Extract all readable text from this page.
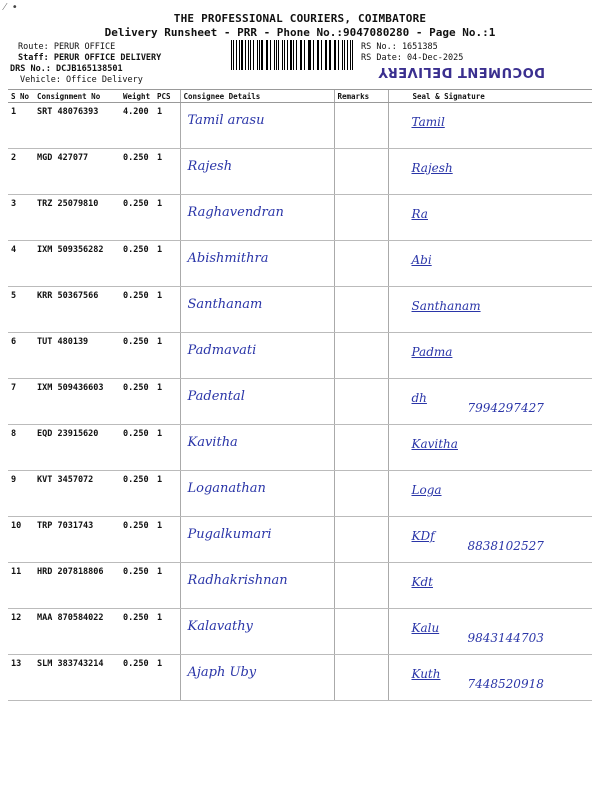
⁄ •
THE PROFESSIONAL COURIERS, COIMBATORE
Delivery Runsheet - PRR - Phone No.:9047080280 - Page No.:1
Route: PERUR OFFICE
Staff: PERUR OFFICE DELIVERY
DRS No.: DCJB165138501
Vehicle: Office Delivery
RS No.: 1651385
RS Date: 04-Dec-2025
DOCUMENT DELIVERY
S No	Consignment No	Weight	PCS	Consignee Details	Remarks	Seal & Signature
1	SRT 48076393	4.200	1	Tamil arasu		Tamil

2	MGD 427077	0.250	1	Rajesh		Rajesh

3	TRZ 25079810	0.250	1	Raghavendran		Ra

4	IXM 509356282	0.250	1	Abishmithra		Abi

5	KRR 50367566	0.250	1	Santhanam		Santhanam

6	TUT 480139	0.250	1	Padmavati		Padma

7	IXM 509436603	0.250	1	Padental		dh
7994297427

8	EQD 23915620	0.250	1	Kavitha		Kavitha

9	KVT 3457072	0.250	1	Loganathan		Loga

10	TRP 7031743	0.250	1	Pugalkumari		KDf
8838102527

11	HRD 207818806	0.250	1	Radhakrishnan		Kdt

12	MAA 870584022	0.250	1	Kalavathy		Kalu
9843144703

13	SLM 383743214	0.250	1	Ajaph Uby		Kuth
7448520918
